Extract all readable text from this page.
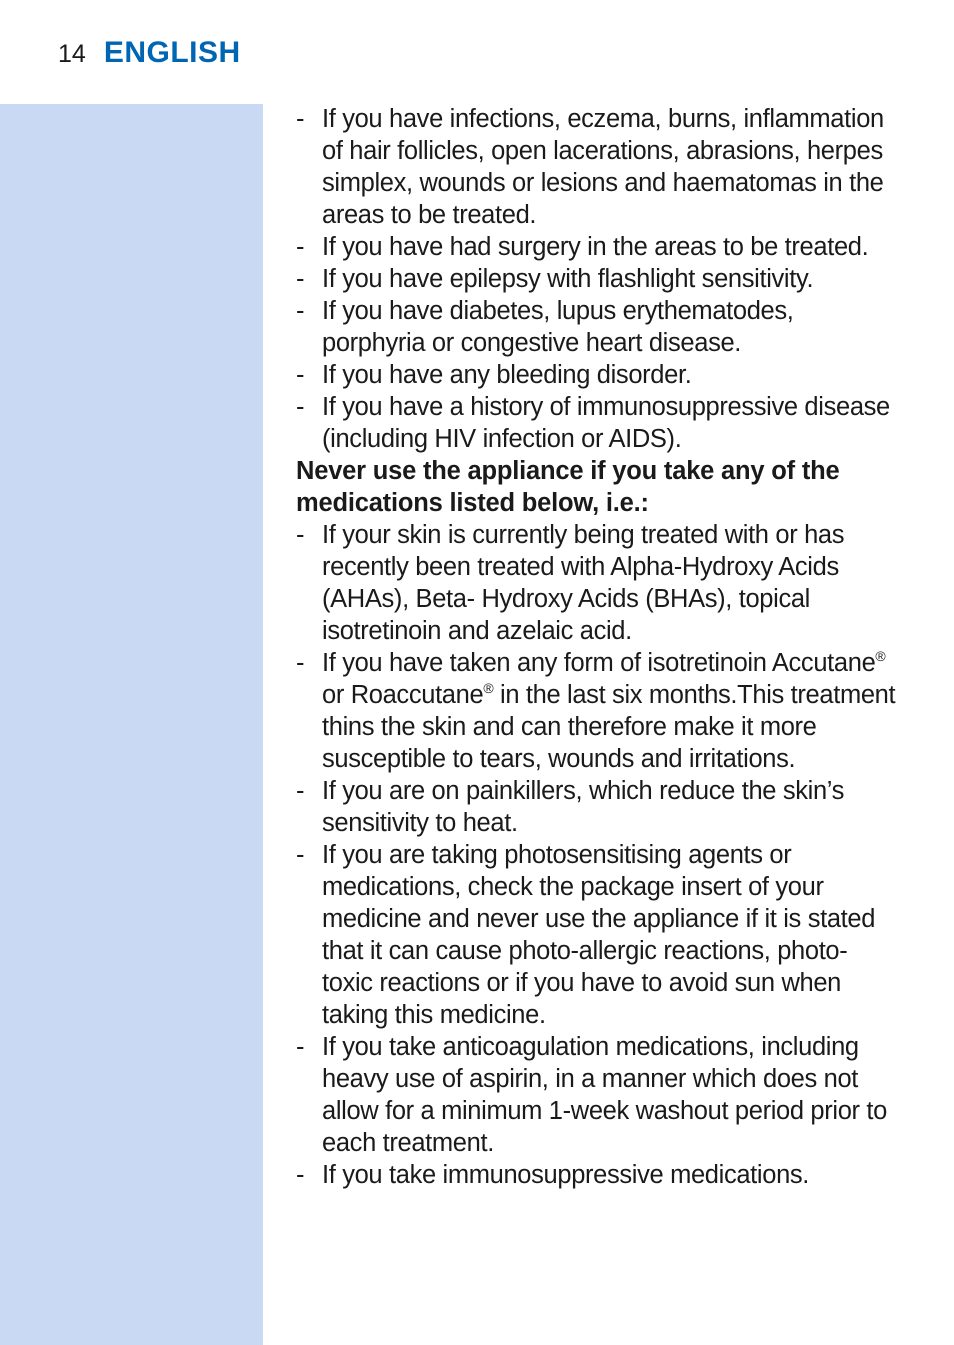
14 ENGLISH
- If you have infections, eczema, burns, inflammation of hair follicles, open lacerations, abrasions, herpes simplex, wounds or lesions and haematomas in the areas to be treated.
- If you have had surgery in the areas to be treated.
- If you have epilepsy with flashlight sensitivity.
- If you have diabetes, lupus erythematodes, porphyria or congestive heart disease.
- If you have any bleeding disorder.
- If you have a history of immunosuppressive disease (including HIV infection or AIDS).

Never use the appliance if you take any of the medications listed below, i.e.:

- If your skin is currently being treated with or has recently been treated with Alpha-Hydroxy Acids (AHAs), Beta- Hydroxy Acids (BHAs), topical isotretinoin and azelaic acid.
- If you have taken any form of isotretinoin Accutane® or Roaccutane® in the last six months.This treatment thins the skin and can therefore make it more susceptible to tears, wounds and irritations.
- If you are on painkillers, which reduce the skin’s sensitivity to heat.
- If you are taking photosensitising agents or medications, check the package insert of your medicine and never use the appliance if it is stated that it can cause photo-allergic reactions, photo-toxic reactions or if you have to avoid sun when taking this medicine.
- If you take anticoagulation medications, including heavy use of aspirin, in a manner which does not allow for a minimum 1-week washout period prior to each treatment.
- If you take immunosuppressive medications.
